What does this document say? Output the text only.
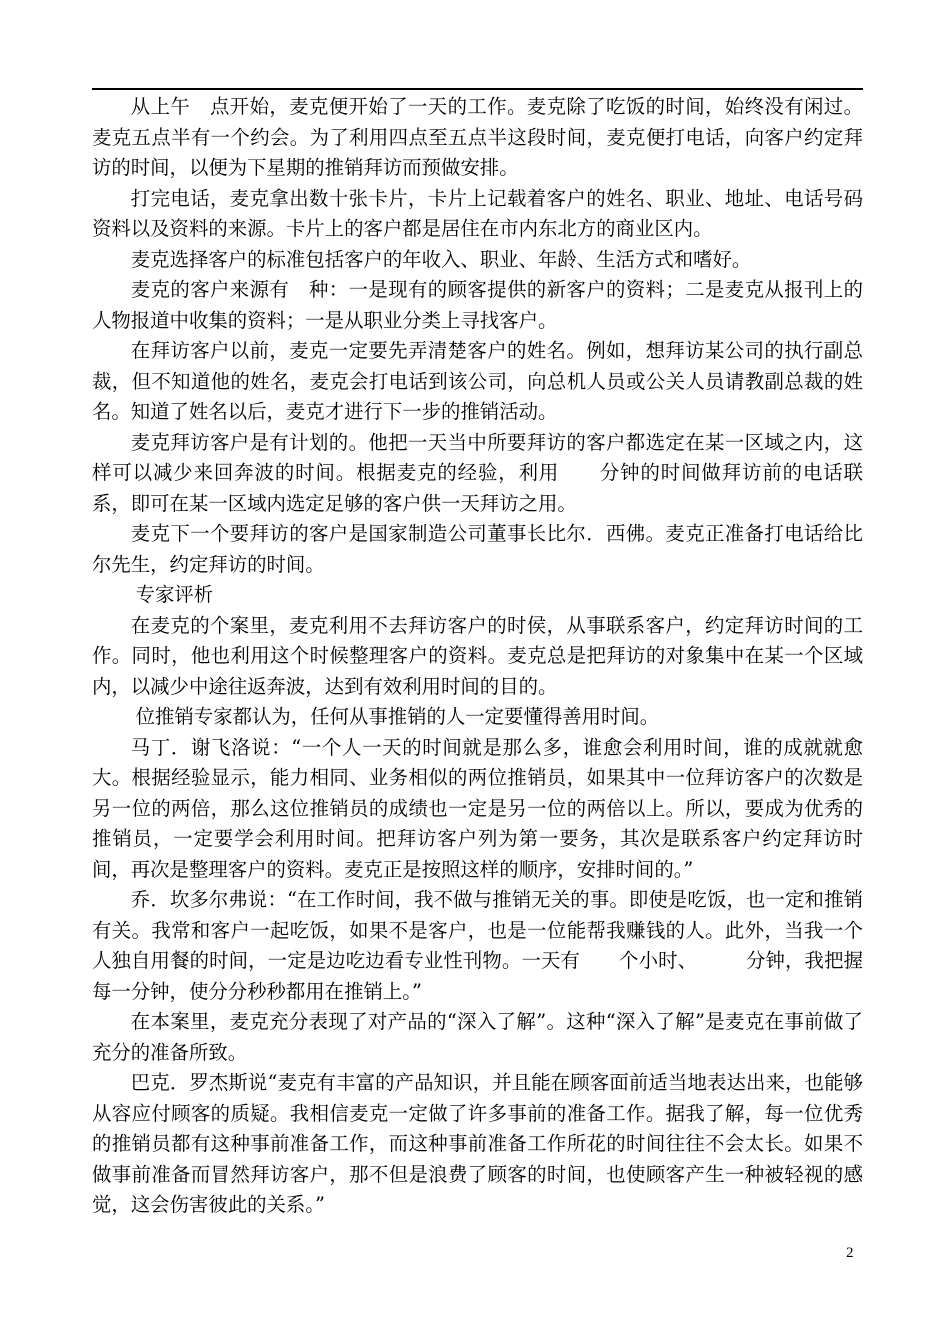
从上午　点开始，麦克便开始了一天的工作。麦克除了吃饭的时间，始终没有闲过。麦克五点半有一个约会。为了利用四点至五点半这段时间，麦克便打电话，向客户约定拜访的时间，以便为下星期的推销拜访而预做安排。

打完电话，麦克拿出数十张卡片，卡片上记载着客户的姓名、职业、地址、电话号码资料以及资料的来源。卡片上的客户都是居住在市内东北方的商业区内。

麦克选择客户的标准包括客户的年收入、职业、年龄、生活方式和嗜好。

麦克的客户来源有　种：一是现有的顾客提供的新客户的资料；二是麦克从报刊上的人物报道中收集的资料；一是从职业分类上寻找客户。

在拜访客户以前，麦克一定要先弄清楚客户的姓名。例如，想拜访某公司的执行副总裁，但不知道他的姓名，麦克会打电话到该公司，向总机人员或公关人员请教副总裁的姓名。知道了姓名以后，麦克才进行下一步的推销活动。

麦克拜访客户是有计划的。他把一天当中所要拜访的客户都选定在某一区域之内，这样可以减少来回奔波的时间。根据麦克的经验，利用　　分钟的时间做拜访前的电话联系，即可在某一区域内选定足够的客户供一天拜访之用。

麦克下一个要拜访的客户是国家制造公司董事长比尔．西佛。麦克正准备打电话给比尔先生，约定拜访的时间。

专家评析

在麦克的个案里，麦克利用不去拜访客户的时侯，从事联系客户，约定拜访时间的工作。同时，他也利用这个时候整理客户的资料。麦克总是把拜访的对象集中在某一个区域内，以减少中途往返奔波，达到有效利用时间的目的。

位推销专家都认为，任何从事推销的人一定要懂得善用时间。

马丁．谢飞洛说：“一个人一天的时间就是那么多，谁愈会利用时间，谁的成就就愈大。根据经验显示，能力相同、业务相似的两位推销员，如果其中一位拜访客户的次数是另一位的两倍，那么这位推销员的成绩也一定是另一位的两倍以上。所以，要成为优秀的推销员，一定要学会利用时间。把拜访客户列为第一要务，其次是联系客户约定拜访时间，再次是整理客户的资料。麦克正是按照这样的顺序，安排时间的。”

乔．坎多尔弗说：“在工作时间，我不做与推销无关的事。即使是吃饭，也一定和推销有关。我常和客户一起吃饭，如果不是客户，也是一位能帮我赚钱的人。此外，当我一个人独自用餐的时间，一定是边吃边看专业性刊物。一天有　　个小时、　　　分钟，我把握每一分钟，使分分秒秒都用在推销上。”

在本案里，麦克充分表现了对产品的“深入了解”。这种“深入了解”是麦克在事前做了充分的准备所致。

巴克．罗杰斯说“麦克有丰富的产品知识，并且能在顾客面前适当地表达出来，也能够从容应付顾客的质疑。我相信麦克一定做了许多事前的准备工作。据我了解，每一位优秀的推销员都有这种事前准备工作，而这种事前准备工作所花的时间往往不会太长。如果不做事前准备而冒然拜访客户，那不但是浪费了顾客的时间，也使顾客产生一种被轻视的感觉，这会伤害彼此的关系。”

2
